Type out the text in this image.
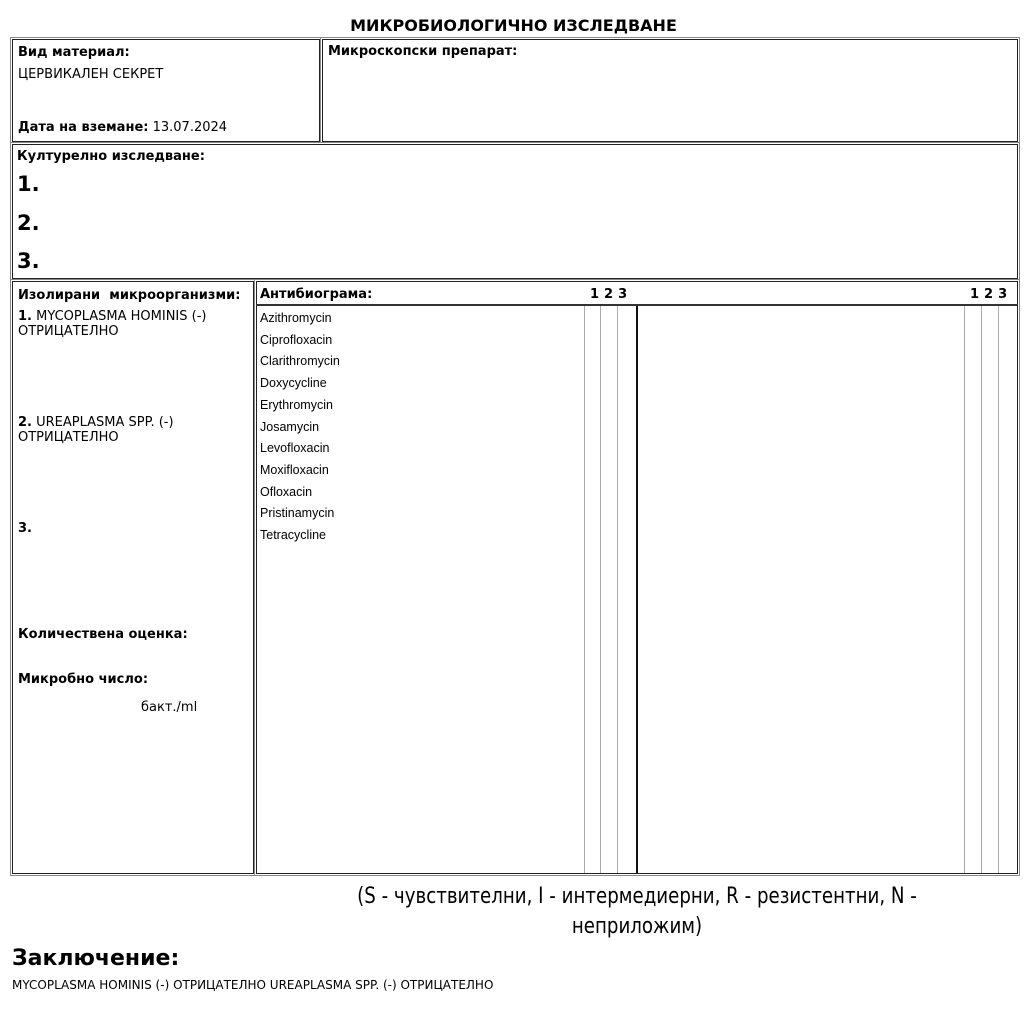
МИКРОБИОЛОГИЧНО ИЗСЛЕДВАНЕ
Вид материал:
ЦЕРВИКАЛЕН СЕКРЕТ
Дата на вземане: 13.07.2024
Микроскопски препарат:
Културелно изследване:
1.
2.
3.
Изолирани  микроорганизми:
1. MYCOPLASMA HOMINIS (-)
ОТРИЦАТЕЛНО
2. UREAPLASMA SPP. (-)
ОТРИЦАТЕЛНО
3.
Количествена оценка:
Микробно число:
бакт./ml
Антибиограма:	123	123
Azithromycin
Ciprofloxacin
Clarithromycin
Doxycycline
Erythromycin
Josamycin
Levofloxacin
Moxifloxacin
Ofloxacin
Pristinamycin
Tetracycline
(S - чувствителни, I - интермедиерни, R - резистентни, N -
неприложим)
Заключение:
MYCOPLASMA HOMINIS (-) ОТРИЦАТЕЛНО UREAPLASMA SPP. (-) ОТРИЦАТЕЛНО
